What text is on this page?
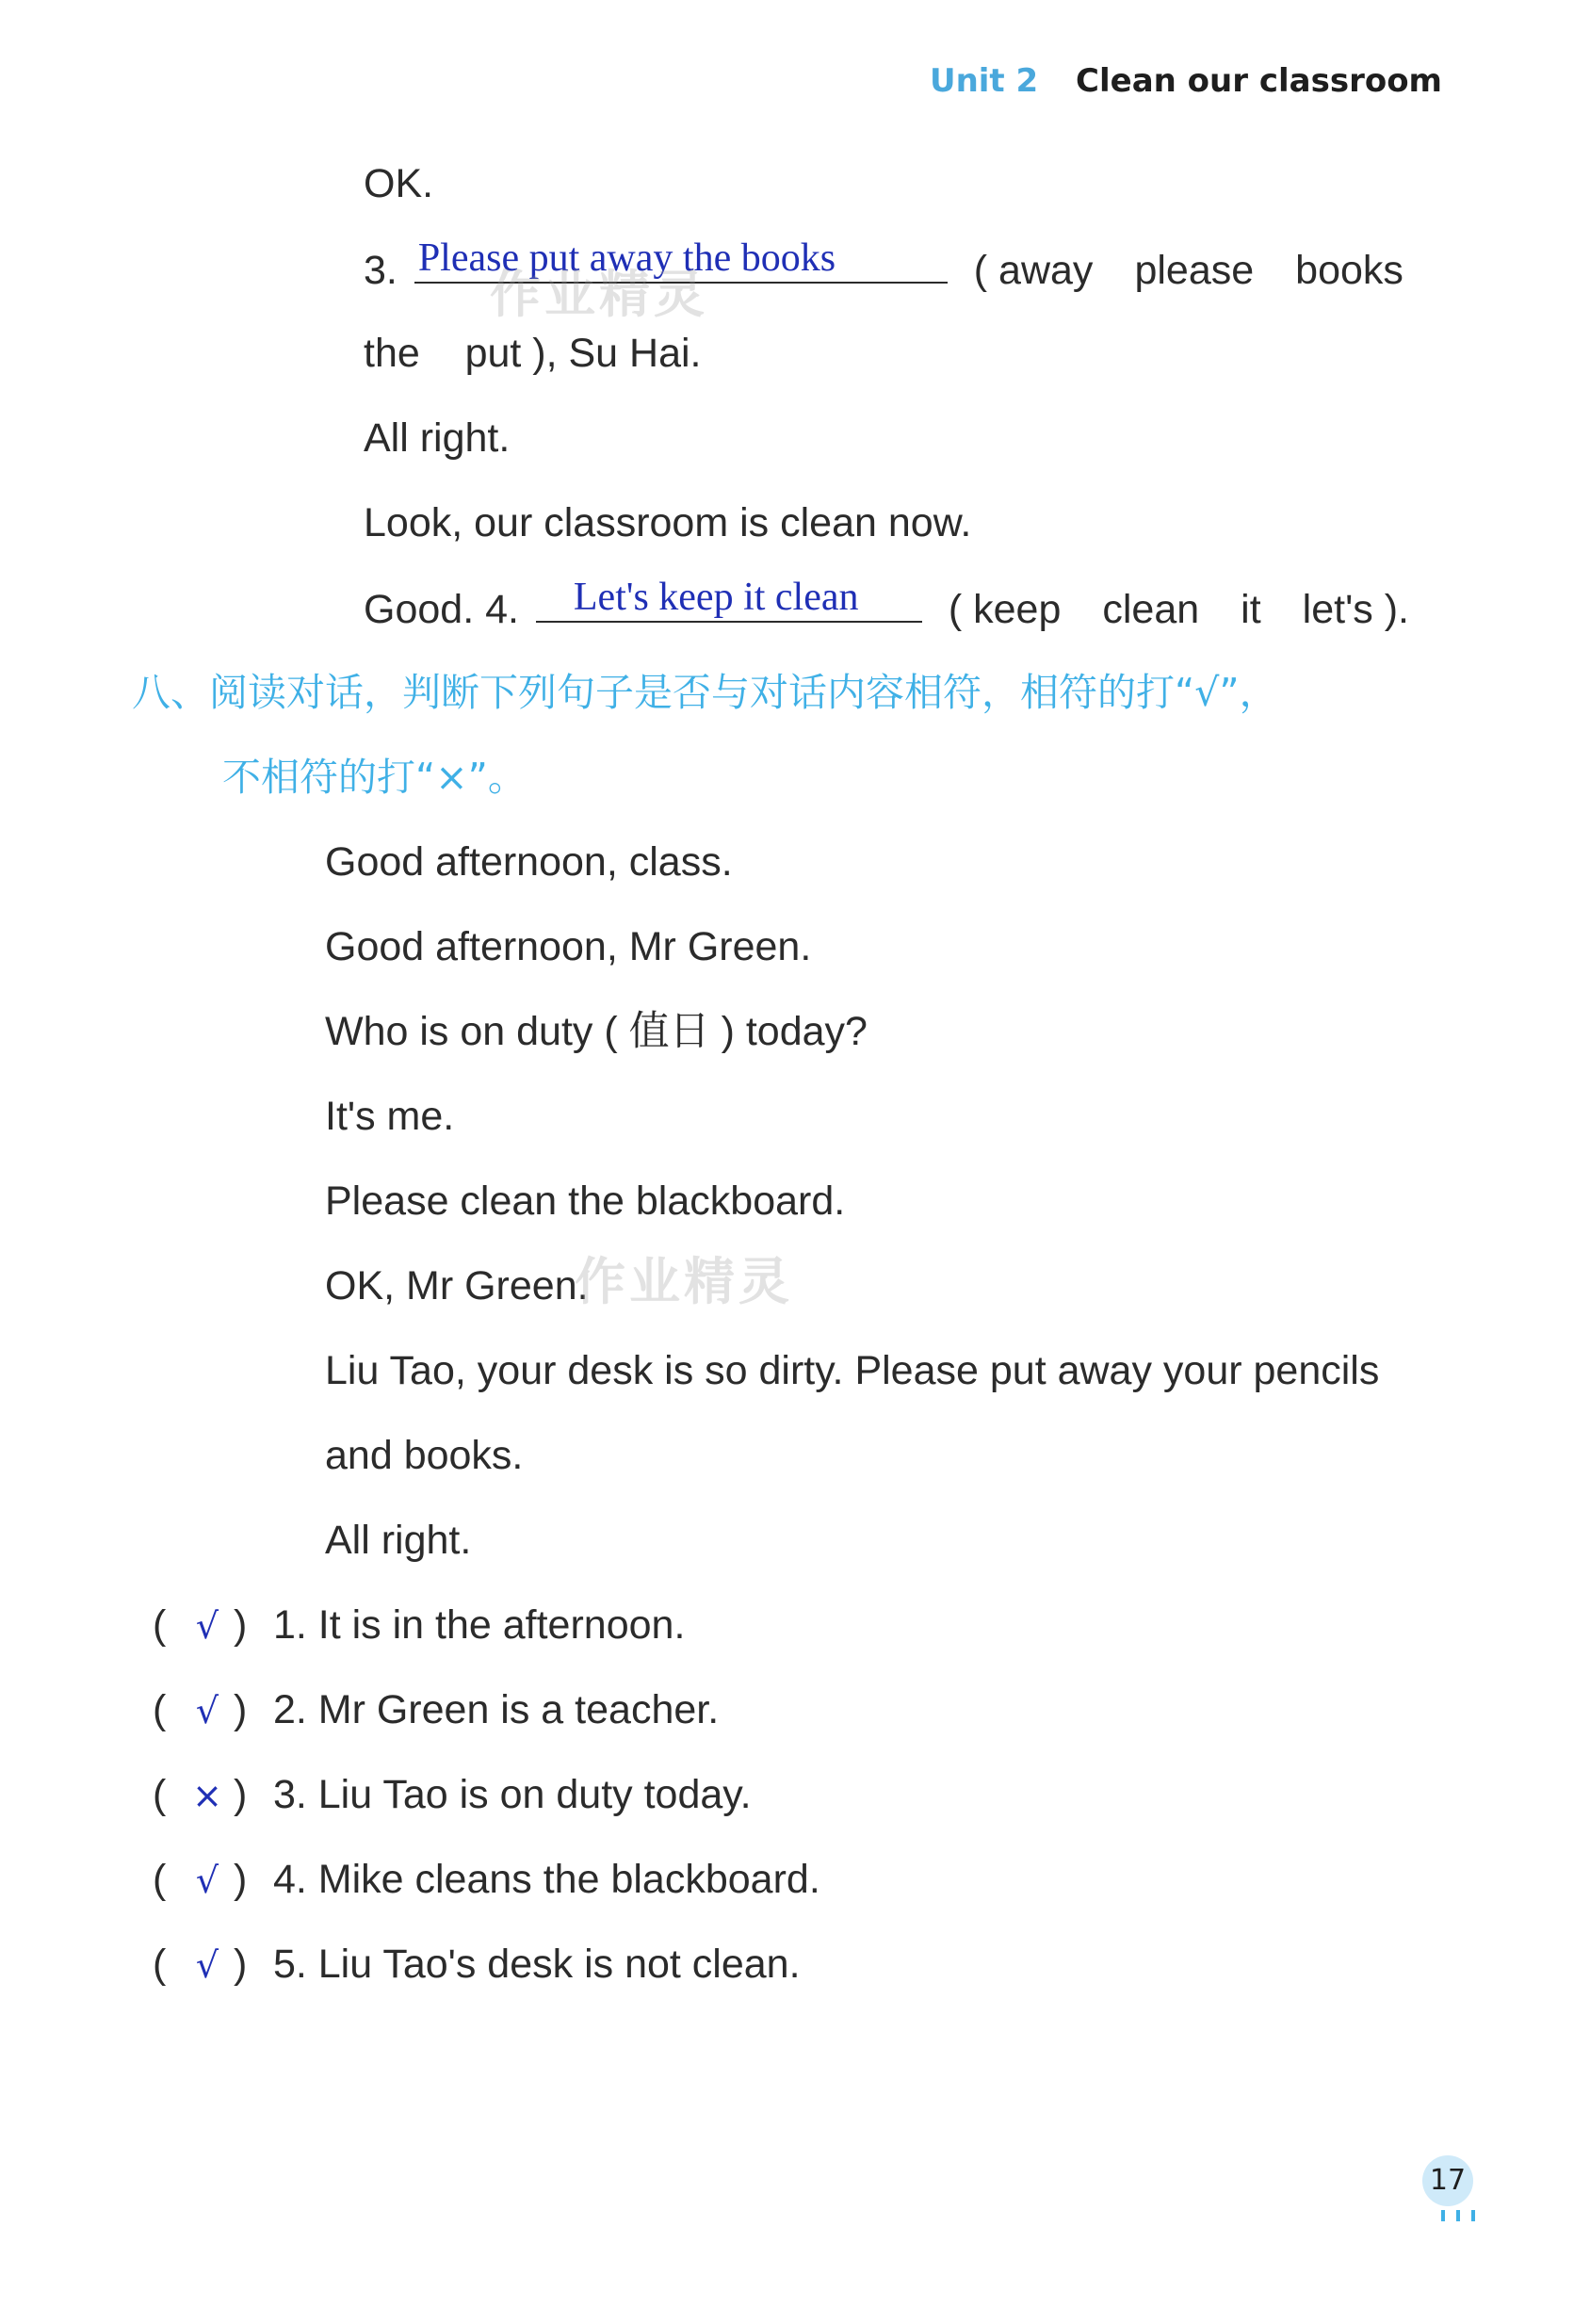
Unit 2 Clean our classroom
OK.
3. Please put away the books	( away please books
the    put ), Su Hai.
All right.
Look, our classroom is clean now.
Good. 4. Let's keep it clean ( keep clean it let's ).
八、阅读对话，判断下列句子是否与对话内容相符，相符的打“√”，
不相符的打“×”。
Good afternoon, class.
Good afternoon, Mr Green.
Who is on duty ( 值日 ) today?
It's me.
Please clean the blackboard.
OK, Mr Green.
Liu Tao, your desk is so dirty. Please put away your pencils
and books.
All right.
( √ ) 1. It is in the afternoon.
( √ ) 2. Mr Green is a teacher.
( × ) 3. Liu Tao is on duty today.
( √ ) 4. Mike cleans the blackboard.
( √ ) 5. Liu Tao's desk is not clean.
作业精灵
作业精灵
17
